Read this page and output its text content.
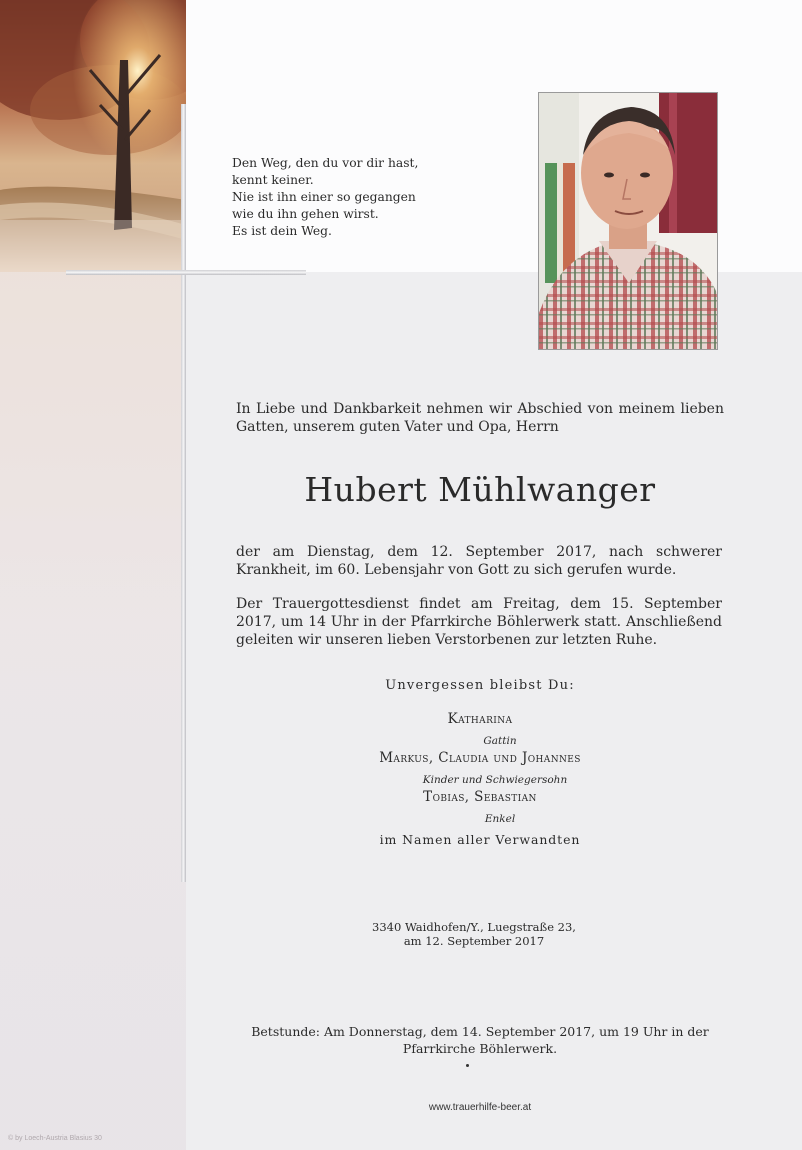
Den Weg, den du vor dir hast,
kennt keiner.
Nie ist ihn einer so gegangen
wie du ihn gehen wirst.
Es ist dein Weg.
In Liebe und Dankbarkeit nehmen wir Abschied von meinem lieben Gatten, unserem guten Vater und Opa, Herrn
Hubert Mühlwanger
der am Dienstag, dem 12. September 2017, nach schwerer Krankheit, im 60. Lebensjahr von Gott zu sich gerufen wurde.
Der Trauergottesdienst findet am Freitag, dem 15. September 2017, um 14 Uhr in der Pfarrkirche Böhlerwerk statt. Anschließend geleiten wir unseren lieben Verstorbenen zur letzten Ruhe.
Unvergessen bleibst Du:
Katharina
Gattin
Markus, Claudia und Johannes
Kinder und Schwiegersohn
Tobias, Sebastian
Enkel
im Namen aller Verwandten
3340 Waidhofen/Y., Luegstraße 23,
am 12. September 2017
Betstunde: Am Donnerstag, dem 14. September 2017, um 19 Uhr in der
Pfarrkirche Böhlerwerk.
www.trauerhilfe-beer.at
© by Loech-Austria Blasius 30
